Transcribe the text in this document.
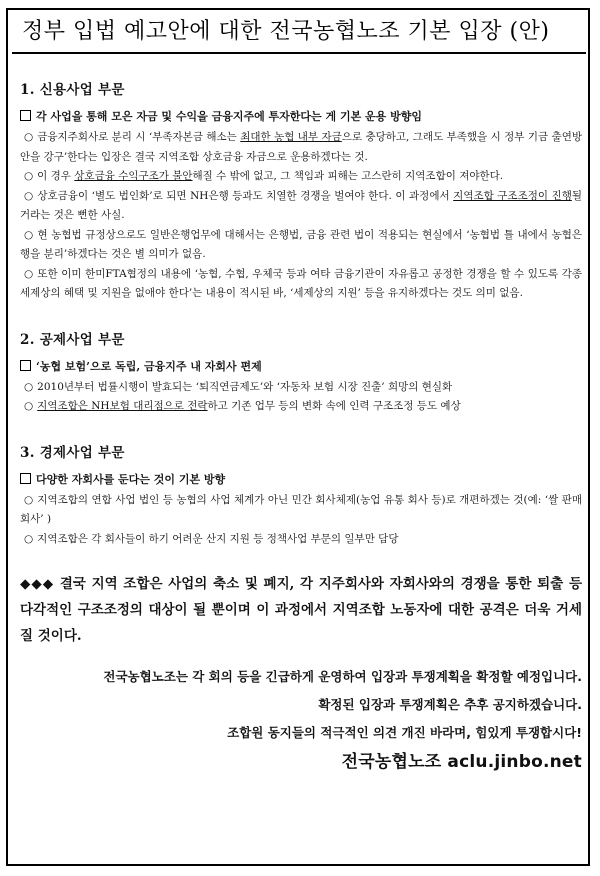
정부 입법 예고안에 대한 전국농협노조 기본 입장 (안)
1. 신용사업 부문
각 사업을 통해 모은 자금 및 수익을 금융지주에 투자한다는 게 기본 운용 방향임

○ 금융지주회사로 분리 시 ‘부족자본금 해소는 최대한 농협 내부 자금으로 충당하고, 그래도 부족했을 시 정부 기금 출연방안을 강구’한다는 입장은 결국 지역조합 상호금융 자금으로 운용하겠다는 것.

○ 이 경우 상호금융 수익구조가 불안해질 수 밖에 없고, 그 책임과 피해는 고스란히 지역조합이 져야한다.

○ 상호금융이 ‘별도 법인화’로 되면 NH은행 등과도 치열한 경쟁을 벌여야 한다. 이 과정에서 지역조합 구조조정이 진행될 거라는 것은 뻔한 사실.

○ 현 농협법 규정상으로도 일반은행업무에 대해서는 은행법, 금융 관련 법이 적용되는 현실에서 ‘농협법 틀 내에서 농협은행을 분리’하겠다는 것은 별 의미가 없음.

○ 또한 이미 한미FTA협정의 내용에 ‘농협, 수협, 우체국 등과 여타 금융기관이 자유롭고 공정한 경쟁을 할 수 있도록 각종 세제상의 혜택 및 지원을 없애야 한다’는 내용이 적시된 바, ‘세제상의 지원’ 등을 유지하겠다는 것도 의미 없음.

2. 공제사업 부문
‘농협 보험’으로 독립, 금융지주 내 자회사 편제

○ 2010년부터 법률시행이 발효되는 ‘퇴직연금제도’와 ‘자동차 보험 시장 진출’ 희망의 현실화

○ 지역조합은 NH보험 대리점으로 전락하고 기존 업무 등의 변화 속에 인력 구조조정 등도 예상

3. 경제사업 부문
다양한 자회사를 둔다는 것이 기본 방향

○ 지역조합의 연합 사업 법인 등 농협의 사업 체계가 아닌 민간 회사체제(농업 유통 회사 등)로 개편하겠는 것(예: ‘쌀 판매회사’ )

○ 지역조합은 각 회사들이 하기 어려운 산지 지원 등 정책사업 부문의 일부만 담당

◆◆◆ 결국 지역 조합은 사업의 축소 및 폐지, 각 지주회사와 자회사와의 경쟁을 통한 퇴출 등 다각적인 구조조정의 대상이 될 뿐이며 이 과정에서 지역조합 노동자에 대한 공격은 더욱 거세질 것이다.

전국농협노조는 각 회의 등을 긴급하게 운영하여 입장과 투쟁계획을 확정할 예정입니다.
확정된 입장과 투쟁계획은 추후 공지하겠습니다.
조합원 동지들의 적극적인 의견 개진 바라며, 힘있게 투쟁합시다!
전국농협노조 aclu.jinbo.net
